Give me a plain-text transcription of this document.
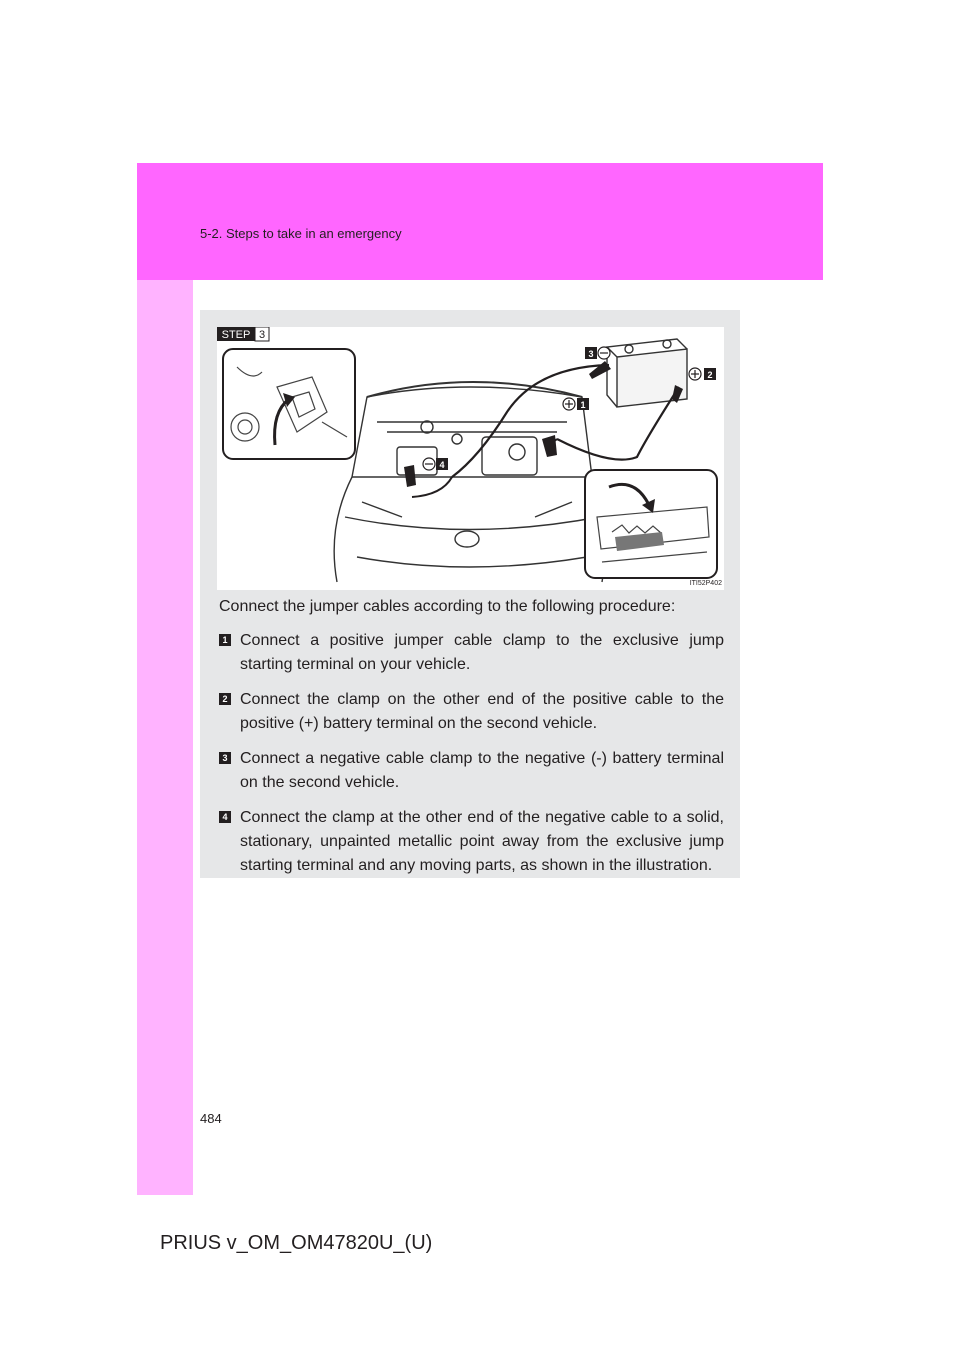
5-2. Steps to take in an emergency
STEP 3
3
2
1
4
ITI52P402
Connect the jumper cables according to the following procedure:
1 Connect a positive jumper cable clamp to the exclusive jump starting terminal on your vehicle.
2 Connect the clamp on the other end of the positive cable to the positive (+) battery terminal on the second vehicle.
3 Connect a negative cable clamp to the negative (-) battery terminal on the second vehicle.
4 Connect the clamp at the other end of the negative cable to a solid, stationary, unpainted metallic point away from the exclusive jump starting terminal and any moving parts, as shown in the illustration.
484
PRIUS v_OM_OM47820U_(U)
